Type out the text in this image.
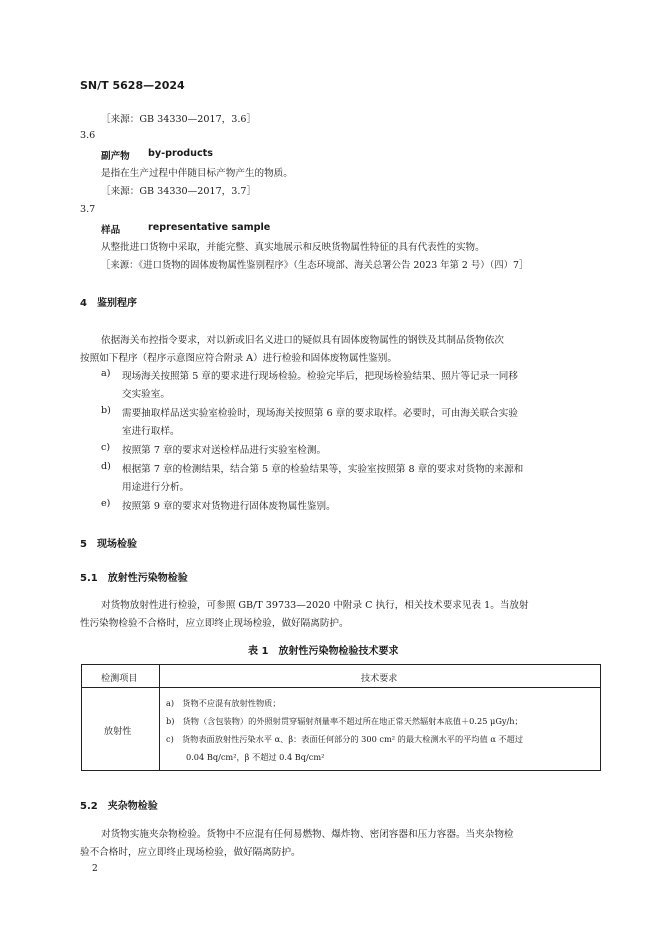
SN/T 5628—2024
［来源：GB 34330—2017，3.6］
3.6
副产物 by-products
是指在生产过程中伴随目标产物产生的物质。
［来源：GB 34330—2017，3.7］
3.7
样品	representative sample
从整批进口货物中采取，并能完整、真实地展示和反映货物属性特征的具有代表性的实物。
［来源：《进口货物的固体废物属性鉴别程序》（生态环境部、海关总署公告 2023 年第 2 号）（四）7］
4　鉴别程序
依据海关布控指令要求，对以新或旧名义进口的疑似具有固体废物属性的钢铁及其制品货物依次
按照如下程序（程序示意图应符合附录 A）进行检验和固体废物属性鉴别。
a) 现场海关按照第 5 章的要求进行现场检验。检验完毕后，把现场检验结果、照片等记录一同移
交实验室。
b) 需要抽取样品送实验室检验时，现场海关按照第 6 章的要求取样。必要时，可由海关联合实验
室进行取样。
c) 按照第 7 章的要求对送检样品进行实验室检测。
d) 根据第 7 章的检测结果，结合第 5 章的检验结果等，实验室按照第 8 章的要求对货物的来源和
用途进行分析。
e) 按照第 9 章的要求对货物进行固体废物属性鉴别。
5　现场检验
5.1　放射性污染物检验
对货物放射性进行检验，可参照 GB/T 39733—2020 中附录 C 执行，相关技术要求见表 1。当放射
性污染物检验不合格时，应立即终止现场检验，做好隔离防护。
表 1　放射性污染物检验技术要求
检测项目	技术要求
放射性
a)　货物不应混有放射性物质；
b)　货物（含包装物）的外照射贯穿辐射剂量率不超过所在地正常天然辐射本底值＋0.25 μGy/h；
c)　货物表面放射性污染水平 α、β：表面任何部分的 300 cm² 的最大检测水平的平均值 α 不超过
0.04 Bq/cm²，β 不超过 0.4 Bq/cm²
5.2　夹杂物检验
对货物实施夹杂物检验。货物中不应混有任何易燃物、爆炸物、密闭容器和压力容器。当夹杂物检
验不合格时，应立即终止现场检验，做好隔离防护。
2
